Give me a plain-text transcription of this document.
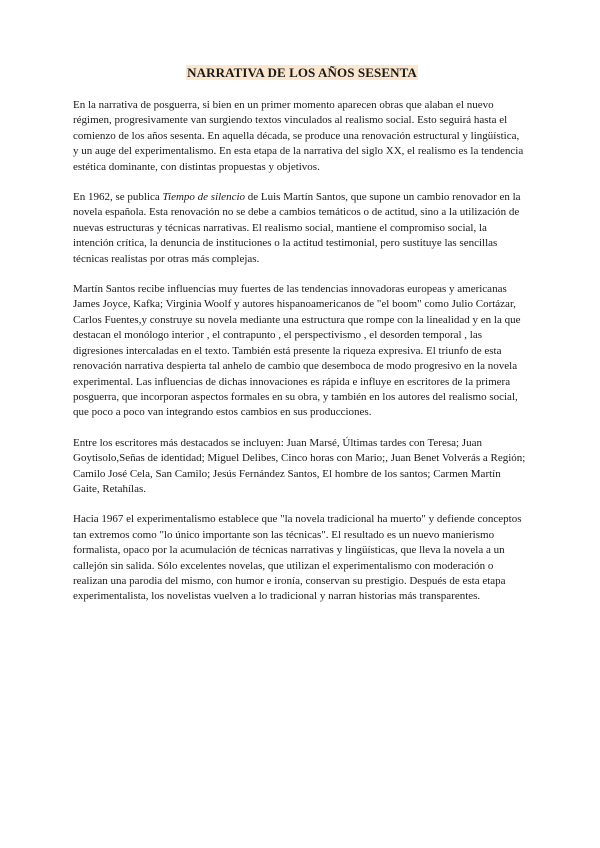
NARRATIVA DE LOS AÑOS SESENTA

En la narrativa de posguerra, si bien en un primer momento aparecen obras que alaban el nuevo régimen, progresivamente van surgiendo textos vinculados al realismo social. Esto seguirá hasta el comienzo de los años sesenta. En aquella década, se produce una renovación estructural y lingüística, y un auge del experimentalismo. En esta etapa de la narrativa del siglo XX, el realismo es la tendencia estética dominante, con distintas propuestas y objetivos.

En 1962, se publica Tiempo de silencio de Luis Martín Santos, que supone un cambio renovador en la novela española. Esta renovación no se debe a cambios temáticos o de actitud, sino a la utilización de nuevas estructuras y técnicas narrativas. El realismo social, mantiene el compromiso social, la intención crítica, la denuncia de instituciones o la actitud testimonial, pero sustituye las sencillas técnicas realistas por otras más complejas.

Martín Santos recibe influencias muy fuertes de las tendencias innovadoras europeas y americanas James Joyce, Kafka; Virginia Woolf y autores hispanoamericanos de "el boom" como Julio Cortázar, Carlos Fuentes,y construye su novela mediante una estructura que rompe con la linealidad y en la que destacan el monólogo interior , el contrapunto , el perspectivismo , el desorden temporal , las digresiones intercaladas en el texto. También está presente la riqueza expresiva. El triunfo de esta renovación narrativa despierta tal anhelo de cambio que desemboca de modo progresivo en la novela experimental. Las influencias de dichas innovaciones es rápida e influye en escritores de la primera posguerra, que incorporan aspectos formales en su obra, y también en los autores del realismo social, que poco a poco van integrando estos cambios en sus producciones.

Entre los escritores más destacados se incluyen: Juan Marsé, Últimas tardes con Teresa; Juan Goytisolo,Señas de identidad; Miguel Delibes, Cinco horas con Mario;, Juan Benet Volverás a Región; Camilo José Cela, San Camilo; Jesús Fernández Santos, El hombre de los santos; Carmen Martín Gaite, Retahílas.

Hacia 1967 el experimentalismo establece que "la novela tradicional ha muerto" y defiende conceptos tan extremos como "lo único importante son las técnicas". El resultado es un nuevo manierismo formalista, opaco por la acumulación de técnicas narrativas y lingüísticas, que lleva la novela a un callejón sin salida. Sólo excelentes novelas, que utilizan el experimentalismo con moderación o realizan una parodia del mismo, con humor e ironía, conservan su prestigio. Después de esta etapa experimentalista, los novelistas vuelven a lo tradicional y narran historias más transparentes.
